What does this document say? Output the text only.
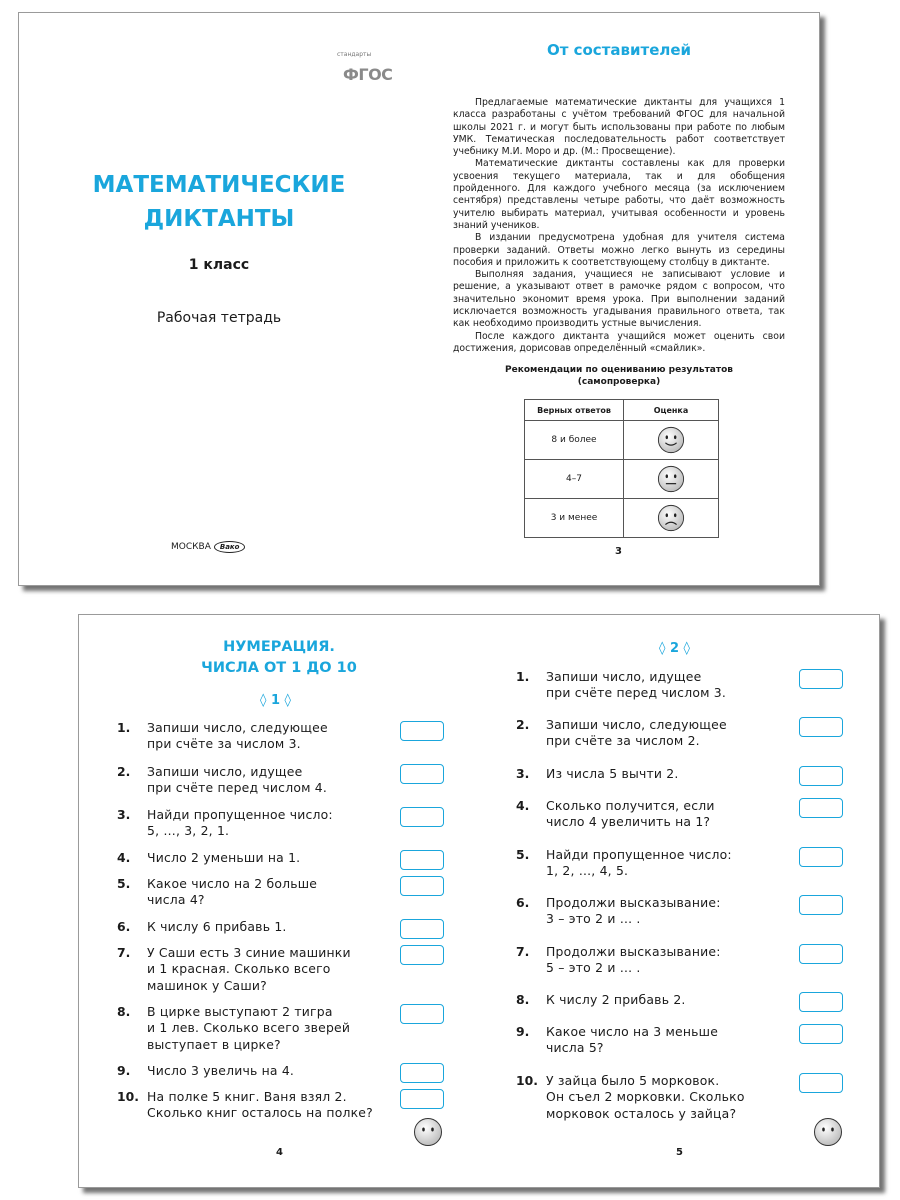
стандарты
ФГОС
МАТЕМАТИЧЕСКИЕ
ДИКТАНТЫ
1 класс
Рабочая тетрадь
МОСКВА	Вако
От составителей

Предлагаемые математические диктанты для учащихся 1 класса разработаны с учётом требований ФГОС для начальной школы 2021 г. и могут быть использованы при работе по любым УМК. Тематическая последовательность работ соответствует учебнику М.И. Моро и др. (М.: Просвещение).

Математические диктанты составлены как для проверки усвоения текущего материала, так и для обобщения пройденного. Для каждого учебного месяца (за исключением сентября) представлены четыре работы, что даёт возможность учителю выбирать материал, учитывая особенности и уровень знаний учеников.

В издании предусмотрена удобная для учителя система проверки заданий. Ответы можно легко вынуть из середины пособия и приложить к соответствующему столбцу в диктанте.

Выполняя задания, учащиеся не записывают условие и решение, а указывают ответ в рамочке рядом с вопросом, что значительно экономит время урока. При выполнении заданий исключается возможность угадывания правильного ответа, так как необходимо производить устные вычисления.

После каждого диктанта учащийся может оценить свои достижения, дорисовав определённый «смайлик».

Рекомендации по оцениванию результатов
(самопроверка)
Верных ответов	Оценка
8 и более	
4–7	
3 и менее	
3
НУМЕРАЦИЯ.
ЧИСЛА ОТ 1 ДО 10
◊ 1 ◊
◊ 2 ◊
1. Запиши число, следующее
при счёте за числом 3.
2. Запиши число, идущее
при счёте перед числом 4.
3. Найди пропущенное число:
5, …, 3, 2, 1.
4. Число 2 уменьши на 1.
5. Какое число на 2 больше
числа 4?
6. К числу 6 прибавь 1.
7. У Саши есть 3 синие машинки
и 1 красная. Сколько всего
машинок у Саши?
8. В цирке выступают 2 тигра
и 1 лев. Сколько всего зверей
выступает в цирке?
9. Число 3 увеличь на 4.
10. На полке 5 книг. Ваня взял 2.
Сколько книг осталось на полке?
4
1. Запиши число, идущее
при счёте перед числом 3.
2. Запиши число, следующее
при счёте за числом 2.
3. Из числа 5 вычти 2.
4. Сколько получится, если
число 4 увеличить на 1?
5. Найди пропущенное число:
1, 2, …, 4, 5.
6. Продолжи высказывание:
3 – это 2 и … .
7. Продолжи высказывание:
5 – это 2 и … .
8. К числу 2 прибавь 2.
9. Какое число на 3 меньше
числа 5?
10. У зайца было 5 морковок.
Он съел 2 морковки. Сколько
морковок осталось у зайца?
5
